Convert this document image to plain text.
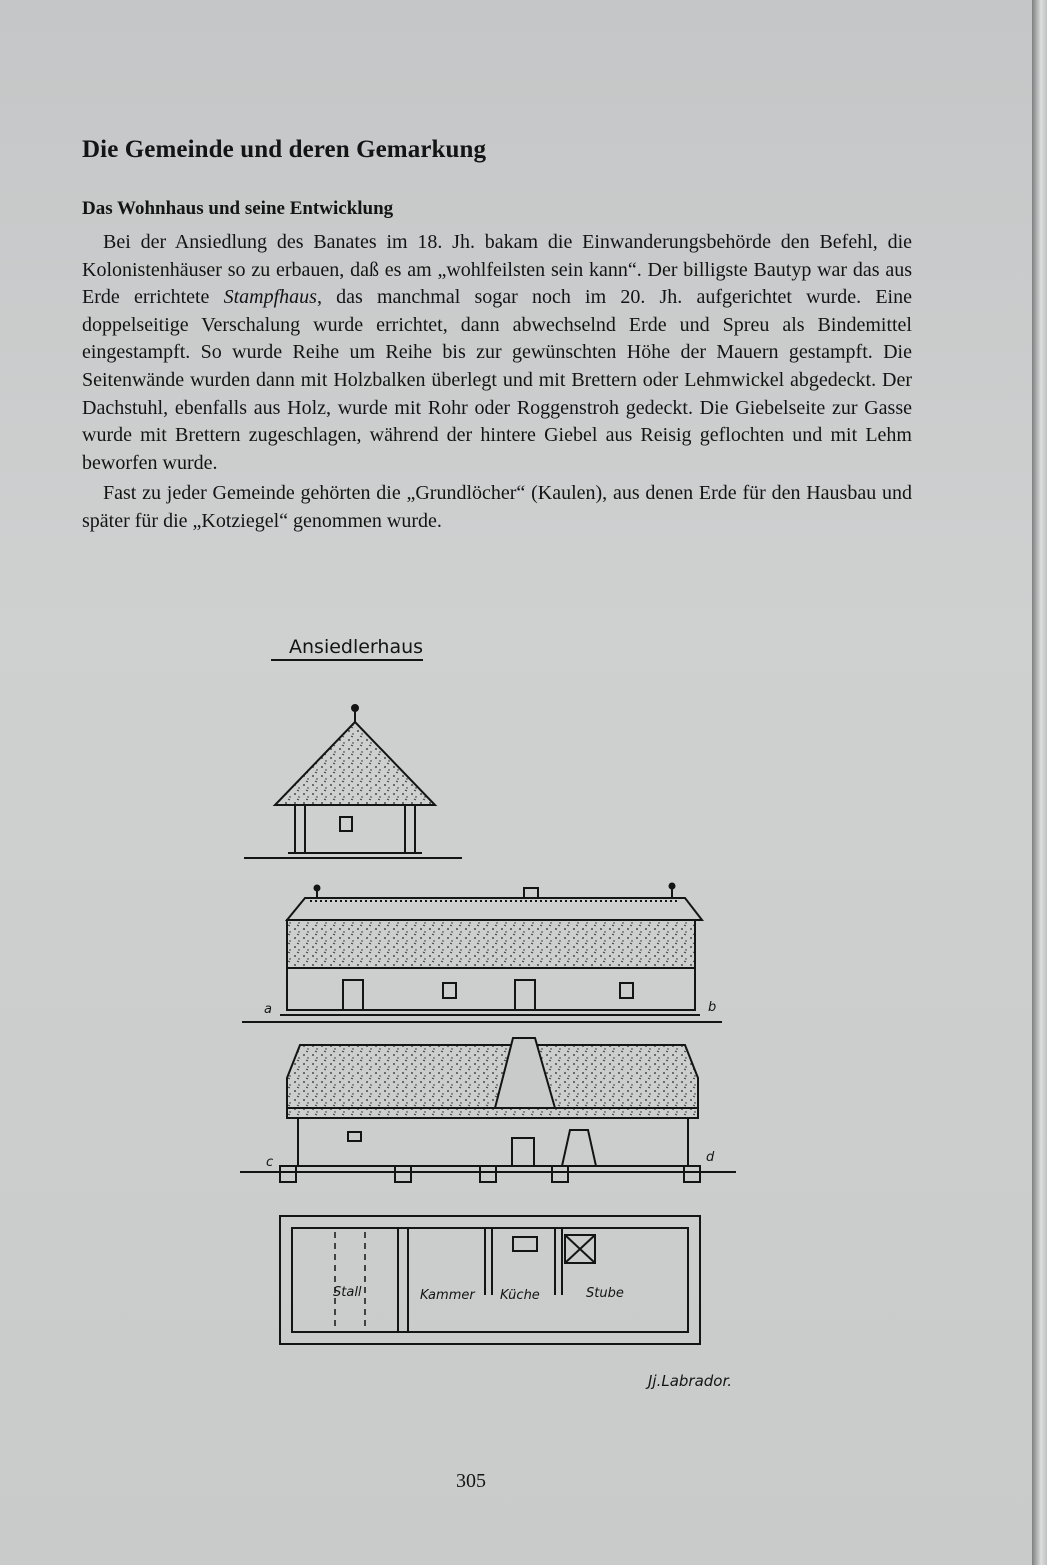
Die Gemeinde und deren Gemarkung
Das Wohnhaus und seine Entwicklung

Bei der Ansiedlung des Banates im 18. Jh. bakam die Einwanderungsbehörde den Befehl, die Kolonistenhäuser so zu erbauen, daß es am „wohlfeilsten sein kann“. Der billigste Bautyp war das aus Erde errichtete Stampfhaus, das manchmal sogar noch im 20. Jh. aufgerichtet wurde. Eine doppelseitige Verschalung wurde errichtet, dann abwechselnd Erde und Spreu als Bindemittel eingestampft. So wurde Reihe um Reihe bis zur gewünschten Höhe der Mauern gestampft. Die Seitenwände wurden dann mit Holzbalken überlegt und mit Brettern oder Lehmwickel abgedeckt. Der Dachstuhl, ebenfalls aus Holz, wurde mit Rohr oder Roggenstroh gedeckt. Die Giebelseite zur Gasse wurde mit Brettern zugeschlagen, während der hintere Giebel aus Reisig geflochten und mit Lehm beworfen wurde.

Fast zu jeder Gemeinde gehörten die „Grundlöcher“ (Kaulen), aus denen Erde für den Hausbau und später für die „Kotziegel“ genommen wurde.

Ansiedlerhaus
Stall	Kammer Küche	Stube
c	d
a	b
Jj.Labrador.
305
